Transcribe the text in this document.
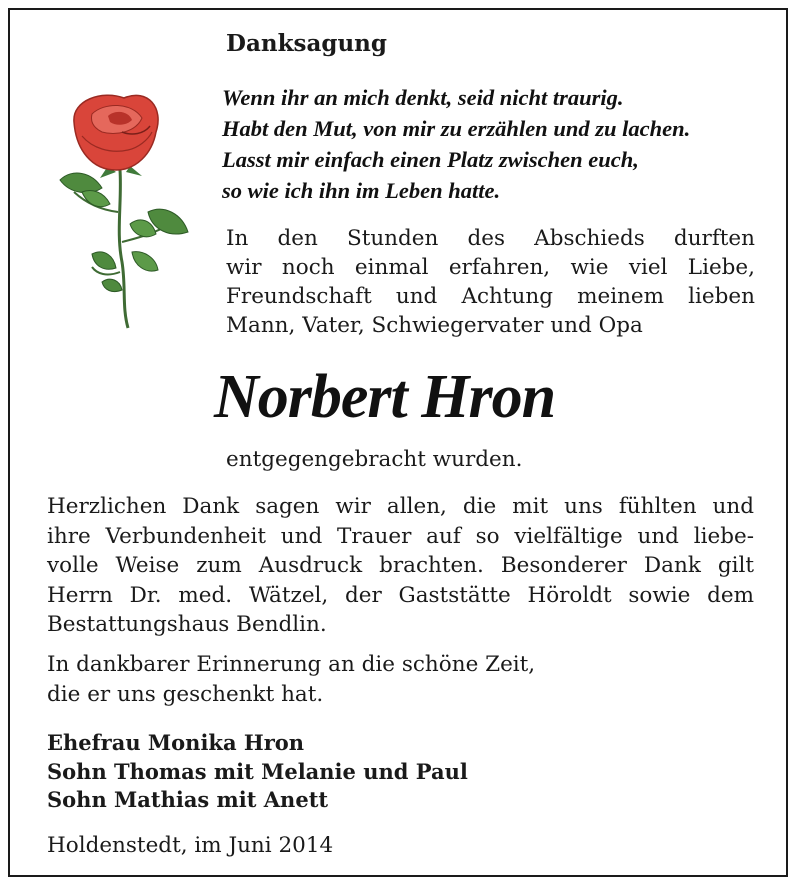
Danksagung
Wenn ihr an mich denkt, seid nicht traurig.
Habt den Mut, von mir zu erzählen und zu lachen.
Lasst mir einfach einen Platz zwischen euch,
so wie ich ihn im Leben hatte.
In den Stunden des Abschieds durften
wir noch einmal erfahren, wie viel Liebe,
Freundschaft und Achtung meinem lieben
Mann, Vater, Schwiegervater und Opa
Norbert Hron
entgegengebracht wurden.
Herzlichen Dank sagen wir allen, die mit uns fühlten und
ihre Verbundenheit und Trauer auf so vielfältige und liebe-
volle Weise zum Ausdruck brachten. Besonderer Dank gilt
Herrn Dr. med. Wätzel, der Gaststätte Höroldt sowie dem
Bestattungshaus Bendlin.
In dankbarer Erinnerung an die schöne Zeit,
die er uns geschenkt hat.
Ehefrau Monika Hron
Sohn Thomas mit Melanie und Paul
Sohn Mathias mit Anett
Holdenstedt, im Juni 2014
